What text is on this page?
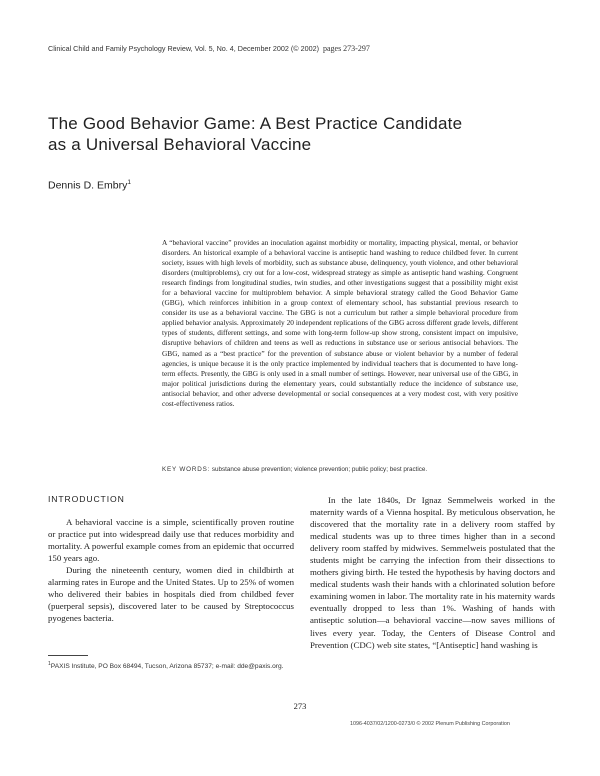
Clinical Child and Family Psychology Review, Vol. 5, No. 4, December 2002 (© 2002) pages 273-297
The Good Behavior Game: A Best Practice Candidate
as a Universal Behavioral Vaccine
Dennis D. Embry$^1$
A “behavioral vaccine” provides an inoculation against morbidity or mortality, impacting physical, mental, or behavior disorders. An historical example of a behavioral vaccine is antiseptic hand washing to reduce childbed fever. In current society, issues with high levels of morbidity, such as substance abuse, delinquency, youth violence, and other behavioral disorders (multiproblems), cry out for a low-cost, widespread strategy as simple as antiseptic hand washing. Congruent research findings from longitudinal studies, twin studies, and other investigations suggest that a possibility might exist for a behavioral vaccine for multiproblem behavior. A simple behavioral strategy called the Good Behavior Game (GBG), which reinforces inhibition in a group context of elementary school, has substantial previous research to consider its use as a behavioral vaccine. The GBG is not a curriculum but rather a simple behavioral procedure from applied behavior analysis. Approximately 20 independent replications of the GBG across different grade levels, different types of students, different settings, and some with long-term follow-up show strong, consistent impact on impulsive, disruptive behaviors of children and teens as well as reductions in substance use or serious antisocial behaviors. The GBG, named as a “best practice” for the prevention of substance abuse or violent behavior by a number of federal agencies, is unique because it is the only practice implemented by individual teachers that is documented to have long-term effects. Presently, the GBG is only used in a small number of settings. However, near universal use of the GBG, in major political jurisdictions during the elementary years, could substantially reduce the incidence of substance use, antisocial behavior, and other adverse developmental or social consequences at a very modest cost, with very positive cost-effectiveness ratios.
KEY WORDS: substance abuse prevention; violence prevention; public policy; best practice.
INTRODUCTION

A behavioral vaccine is a simple, scientifically proven routine or practice put into widespread daily use that reduces morbidity and mortality. A powerful example comes from an epidemic that occurred 150 years ago.

During the nineteenth century, women died in childbirth at alarming rates in Europe and the United States. Up to 25% of women who delivered their babies in hospitals died from childbed fever (puerperal sepsis), discovered later to be caused by Streptococcus pyogenes bacteria.

In the late 1840s, Dr Ignaz Semmelweis worked in the maternity wards of a Vienna hospital. By meticulous observation, he discovered that the mortality rate in a delivery room staffed by medical students was up to three times higher than in a second delivery room staffed by midwives. Semmelweis postulated that the students might be carrying the infection from their dissections to mothers giving birth. He tested the hypothesis by having doctors and medical students wash their hands with a chlorinated solution before examining women in labor. The mortality rate in his maternity wards eventually dropped to less than 1%. Washing of hands with antiseptic solution—a behavioral vaccine—now saves millions of lives every year. Today, the Centers of Disease Control and Prevention (CDC) web site states, “[Antiseptic] hand washing is

$^1$PAXIS Institute, PO Box 68494, Tucson, Arizona 85737; e-mail: dde@paxis.org.
273
1096-4037/02/1200-0273/0 © 2002 Plenum Publishing Corporation
